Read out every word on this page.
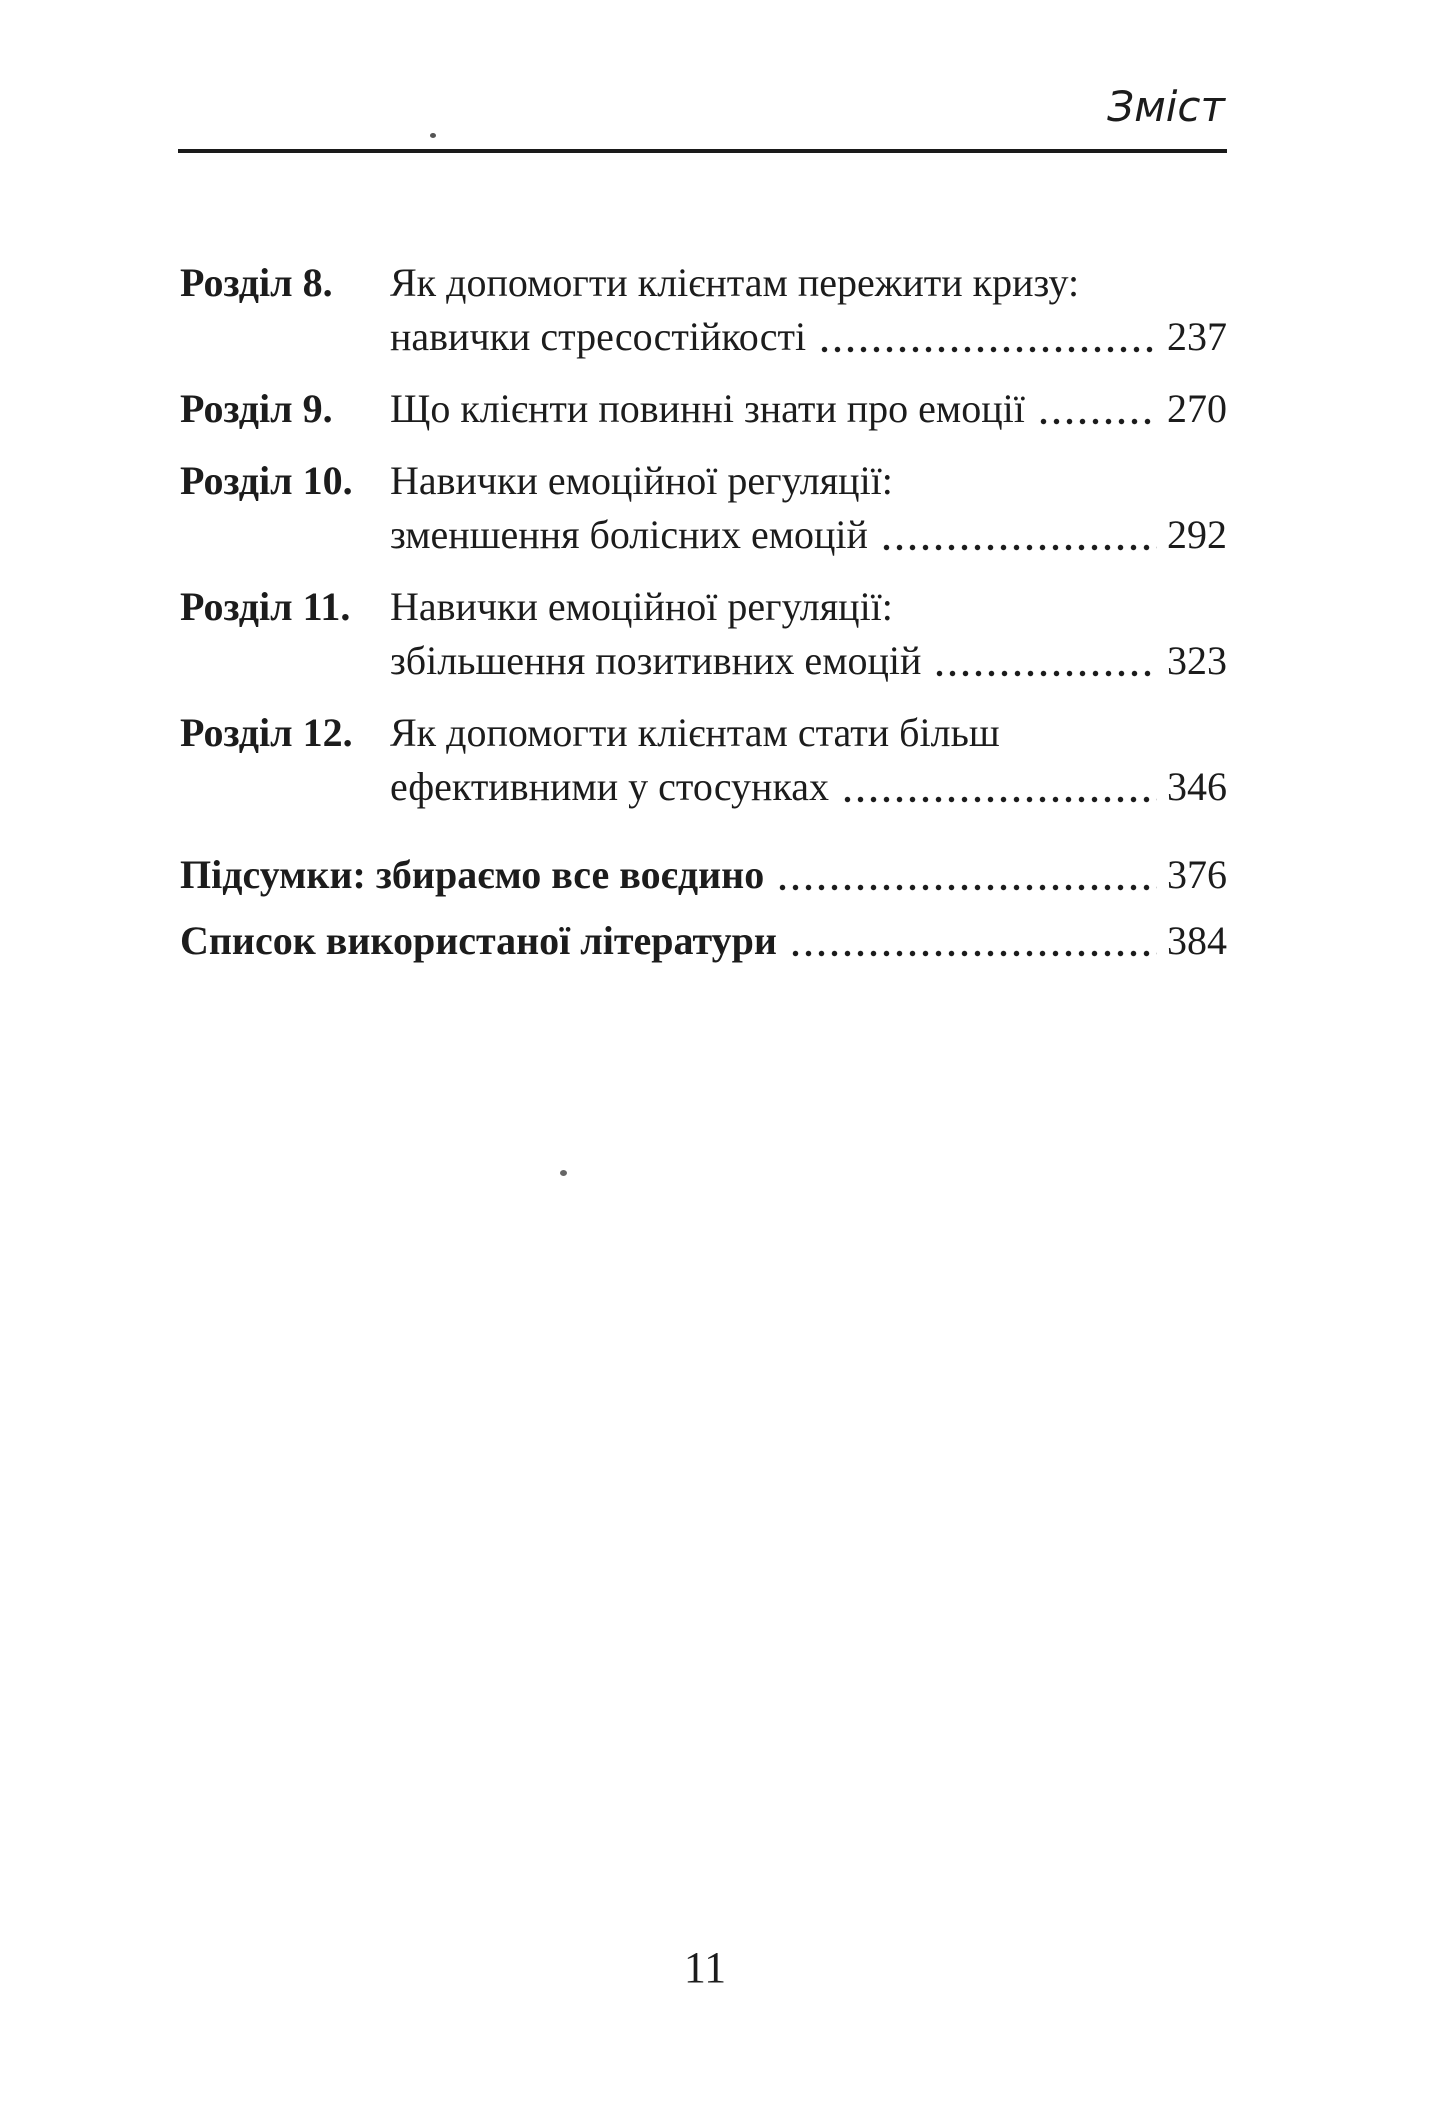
Зміст
Розділ 8.	Як допомогти клієнтам пережити кризу:
навички стресостійкості	237
Розділ 9.	Що клієнти повинні знати про емоції	270
Розділ 10. Навички емоційної регуляції:
зменшення болісних емоцій	292
Розділ 11. Навички емоційної регуляції:
збільшення позитивних емоцій	323
Розділ 12. Як допомогти клієнтам стати більш
ефективними у стосунках	346
Підсумки: збираємо все воєдино	376
Список використаної літератури	384
11
